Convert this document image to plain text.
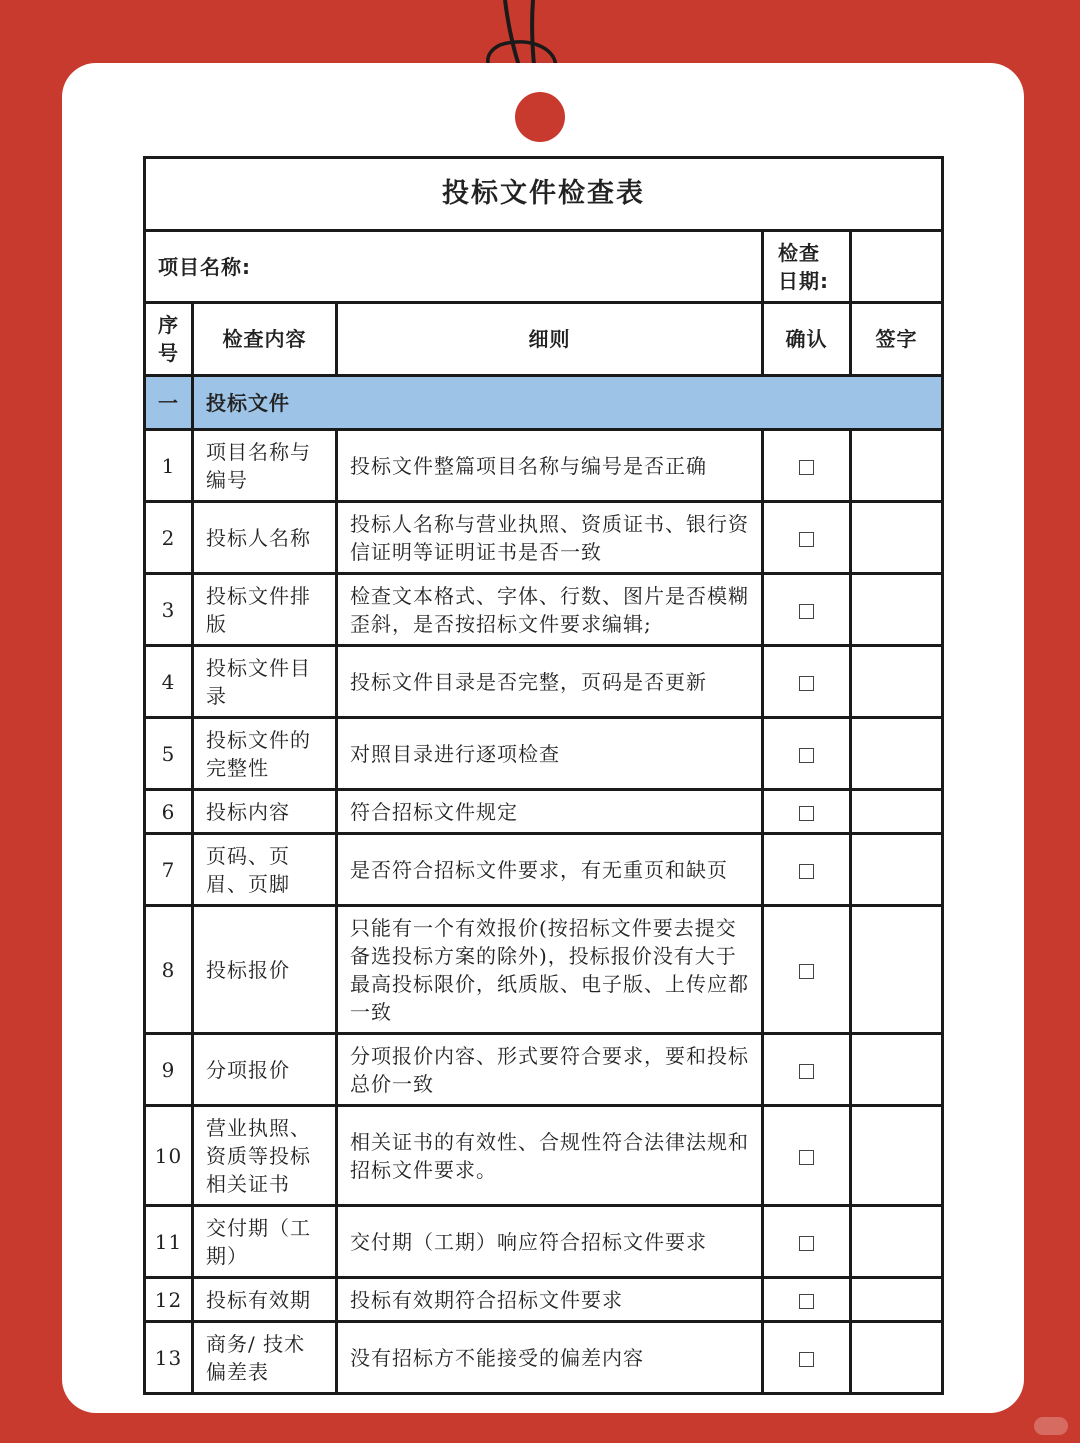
投标文件检查表				
项目名称:			检查
日期:	
序
号	检查内容	细则	确认	签字
一	投标文件			
1	项目名称与编号	投标文件整篇项目名称与编号是否正确		
2	投标人名称	投标人名称与营业执照、资质证书、银行资信证明等证明证书是否一致		
3	投标文件排版	检查文本格式、字体、行数、图片是否模糊歪斜，是否按招标文件要求编辑;		
4	投标文件目录	投标文件目录是否完整，页码是否更新		
5	投标文件的完整性	对照目录进行逐项检查		
6	投标内容	符合招标文件规定		
7	页码、页眉、页脚	是否符合招标文件要求，有无重页和缺页		
8	投标报价	只能有一个有效报价(按招标文件要去提交备选投标方案的除外)，投标报价没有大于最高投标限价，纸质版、电子版、上传应都一致		
9	分项报价	分项报价内容、形式要符合要求，要和投标总价一致		
10	营业执照、资质等投标相关证书	相关证书的有效性、合规性符合法律法规和招标文件要求。		
11	交付期（工期）	交付期（工期）响应符合招标文件要求		
12	投标有效期	投标有效期符合招标文件要求		
13	商务/ 技术偏差表	没有招标方不能接受的偏差内容		
